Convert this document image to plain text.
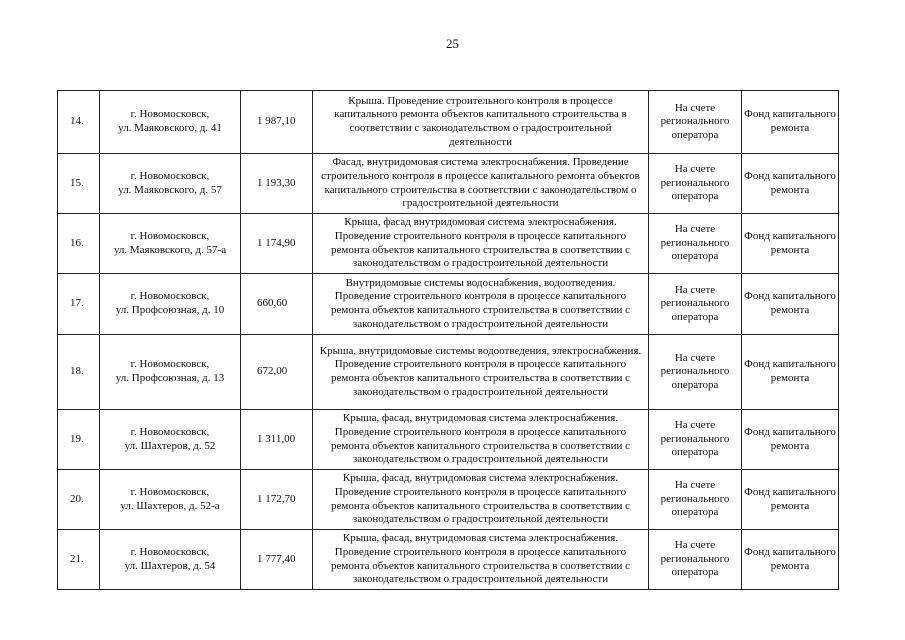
25
14.	г. Новомосковск,
ул. Маяковского, д. 41	1 987,10	Крыша. Проведение строительного контроля в процессе капитального ремонта объектов капитального строительства в соответствии с законодательством о градостроительной деятельности	На счете регионального оператора	Фонд капитального ремонта
15.	г. Новомосковск,
ул. Маяковского, д. 57	1 193,30	Фасад, внутридомовая система электроснабжения. Проведение строительного контроля в процессе капитального ремонта объектов капитального строительства в соответствии с законодательством о градостроительной деятельности	На счете регионального оператора	Фонд капитального ремонта
16.	г. Новомосковск,
ул. Маяковского, д. 57-а	1 174,90	Крыша, фасад внутридомовая система электроснабжения. Проведение строительного контроля в процессе капитального ремонта объектов капитального строительства в соответствии с законодательством о градостроительной деятельности	На счете регионального оператора	Фонд капитального ремонта
17.	г. Новомосковск,
ул. Профсоюзная, д. 10	660,60	Внутридомовые системы водоснабжения, водоотведения. Проведение строительного контроля в процессе капитального ремонта объектов капитального строительства в соответствии с законодательством о градостроительной деятельности	На счете регионального оператора	Фонд капитального ремонта
18.	г. Новомосковск,
ул. Профсоюзная, д. 13	672,00	Крыша, внутридомовые системы водоотведения, электроснабжения. Проведение строительного контроля в процессе капитального ремонта объектов капитального строительства в соответствии с законодательством о градостроительной деятельности	На счете регионального оператора	Фонд капитального ремонта
19.	г. Новомосковск,
ул. Шахтеров, д. 52	1 311,00	Крыша, фасад, внутридомовая система электроснабжения. Проведение строительного контроля в процессе капитального ремонта объектов капитального строительства в соответствии с законодательством о градостроительной деятельности	На счете регионального оператора	Фонд капитального ремонта
20.	г. Новомосковск,
ул. Шахтеров, д. 52-а	1 172,70	Крыша, фасад, внутридомовая система электроснабжения. Проведение строительного контроля в процессе капитального ремонта объектов капитального строительства в соответствии с законодательством о градостроительной деятельности	На счете регионального оператора	Фонд капитального ремонта
21.	г. Новомосковск,
ул. Шахтеров, д. 54	1 777,40	Крыша, фасад, внутридомовая система электроснабжения. Проведение строительного контроля в процессе капитального ремонта объектов капитального строительства в соответствии с законодательством о градостроительной деятельности	На счете регионального оператора	Фонд капитального ремонта
